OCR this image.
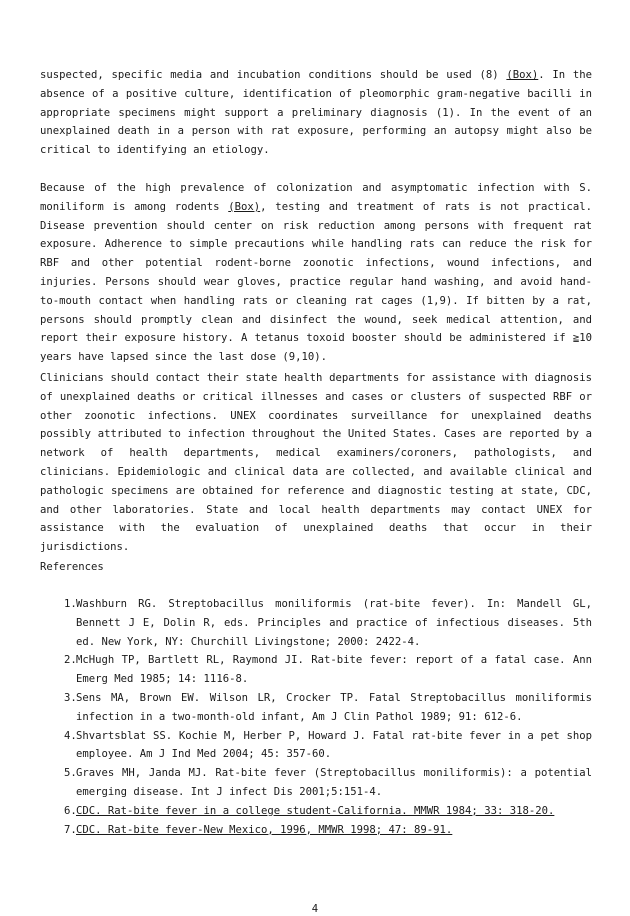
suspected, specific media and incubation conditions should be used (8) (Box). In the absence of a positive culture, identification of pleomorphic gram-negative bacilli in appropriate specimens might support a preliminary diagnosis (1). In the event of an unexplained death in a person with rat exposure, performing an autopsy might also be critical to identifying an etiology.

Because of the high prevalence of colonization and asymptomatic infection with S. moniliform is among rodents (Box), testing and treatment of rats is not practical. Disease prevention should center on risk reduction among persons with frequent rat exposure. Adherence to simple precautions while handling rats can reduce the risk for RBF and other potential rodent-borne zoonotic infections, wound infections, and injuries. Persons should wear gloves, practice regular hand washing, and avoid hand-to-mouth contact when handling rats or cleaning rat cages (1,9). If bitten by a rat, persons should promptly clean and disinfect the wound, seek medical attention, and report their exposure history. A tetanus toxoid booster should be administered if ≧10 years have lapsed since the last dose (9,10).

Clinicians should contact their state health departments for assistance with diagnosis of unexplained deaths or critical illnesses and cases or clusters of suspected RBF or other zoonotic infections. UNEX coordinates surveillance for unexplained deaths possibly attributed to infection throughout the United States. Cases are reported by a network of health departments, medical examiners/coroners, pathologists, and clinicians. Epidemiologic and clinical data are collected, and available clinical and pathologic specimens are obtained for reference and diagnostic testing at state, CDC, and other laboratories. State and local health departments may contact UNEX for assistance with the evaluation of unexplained deaths that occur in their jurisdictions.

References

1. Washburn RG. Streptobacillus moniliformis (rat-bite fever). In: Mandell GL, Bennett J E, Dolin R, eds. Principles and practice of infectious diseases. 5th ed. New York, NY: Churchill Livingstone; 2000: 2422-4.
2. McHugh TP, Bartlett RL, Raymond JI. Rat-bite fever: report of a fatal case. Ann Emerg Med 1985; 14: 1116-8.
3. Sens MA, Brown EW. Wilson LR, Crocker TP. Fatal Streptobacillus moniliformis infection in a two-month-old infant, Am J Clin Pathol 1989; 91: 612-6.
4. Shvartsblat SS. Kochie M, Herber P, Howard J. Fatal rat-bite fever in a pet shop employee. Am J Ind Med 2004; 45: 357-60.
5. Graves MH, Janda MJ. Rat-bite fever (Streptobacillus moniliformis): a potential emerging disease. Int J infect Dis 2001;5:151-4.
6. CDC. Rat-bite fever in a college student-California. MMWR 1984; 33: 318-20.
7. CDC. Rat-bite fever-New Mexico, 1996, MMWR 1998; 47: 89-91.
4
